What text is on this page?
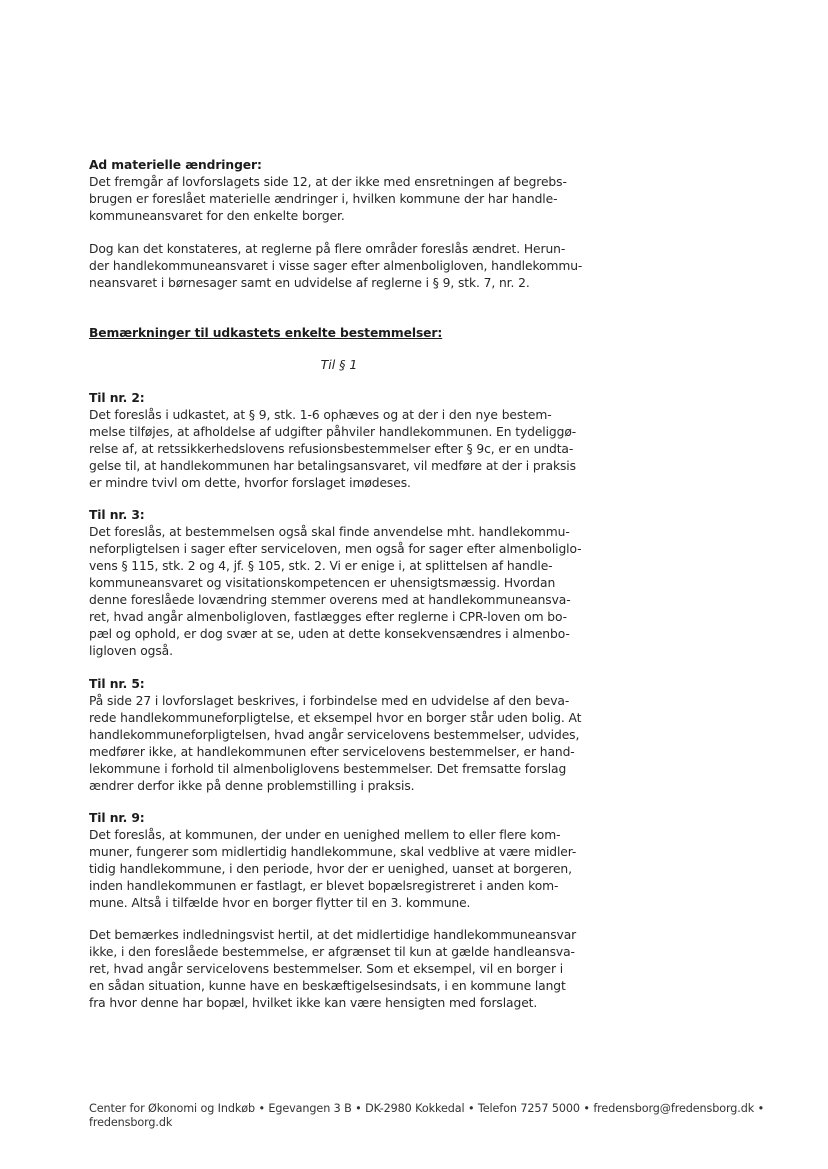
Ad materielle ændringer:
Det fremgår af lovforslagets side 12, at der ikke med ensretningen af begrebs-
brugen er foreslået materielle ændringer i, hvilken kommune der har handle-
kommuneansvaret for den enkelte borger.
Dog kan det konstateres, at reglerne på flere områder foreslås ændret. Herun-
der handlekommuneansvaret i visse sager efter almenboligloven, handlekommu-
neansvaret i børnesager samt en udvidelse af reglerne i § 9, stk. 7, nr. 2.
Bemærkninger til udkastets enkelte bestemmelser:
Til § 1
Til nr. 2:
Det foreslås i udkastet, at § 9, stk. 1-6 ophæves og at der i den nye bestem-
melse tilføjes, at afholdelse af udgifter påhviler handlekommunen. En tydeliggø-
relse af, at retssikkerhedslovens refusionsbestemmelser efter § 9c, er en undta-
gelse til, at handlekommunen har betalingsansvaret, vil medføre at der i praksis
er mindre tvivl om dette, hvorfor forslaget imødeses.
Til nr. 3:
Det foreslås, at bestemmelsen også skal finde anvendelse mht. handlekommu-
neforpligtelsen i sager efter serviceloven, men også for sager efter almenboliglo-
vens § 115, stk. 2 og 4, jf. § 105, stk. 2. Vi er enige i, at splittelsen af handle-
kommuneansvaret og visitationskompetencen er uhensigtsmæssig. Hvordan
denne foreslåede lovændring stemmer overens med at handlekommuneansva-
ret, hvad angår almenboligloven, fastlægges efter reglerne i CPR-loven om bo-
pæl og ophold, er dog svær at se, uden at dette konsekvensændres i almenbo-
ligloven også.
Til nr. 5:
På side 27 i lovforslaget beskrives, i forbindelse med en udvidelse af den beva-
rede handlekommuneforpligtelse, et eksempel hvor en borger står uden bolig. At
handlekommuneforpligtelsen, hvad angår servicelovens bestemmelser, udvides,
medfører ikke, at handlekommunen efter servicelovens bestemmelser, er hand-
lekommune i forhold til almenboliglovens bestemmelser. Det fremsatte forslag
ændrer derfor ikke på denne problemstilling i praksis.
Til nr. 9:
Det foreslås, at kommunen, der under en uenighed mellem to eller flere kom-
muner, fungerer som midlertidig handlekommune, skal vedblive at være midler-
tidig handlekommune, i den periode, hvor der er uenighed, uanset at borgeren,
inden handlekommunen er fastlagt, er blevet bopælsregistreret i anden kom-
mune. Altså i tilfælde hvor en borger flytter til en 3. kommune.
Det bemærkes indledningsvist hertil, at det midlertidige handlekommuneansvar
ikke, i den foreslåede bestemmelse, er afgrænset til kun at gælde handleansva-
ret, hvad angår servicelovens bestemmelser. Som et eksempel, vil en borger i
en sådan situation, kunne have en beskæftigelsesindsats, i en kommune langt
fra hvor denne har bopæl, hvilket ikke kan være hensigten med forslaget.
Center for Økonomi og Indkøb • Egevangen 3 B • DK-2980 Kokkedal • Telefon 7257 5000 • fredensborg@fredensborg.dk •
fredensborg.dk
